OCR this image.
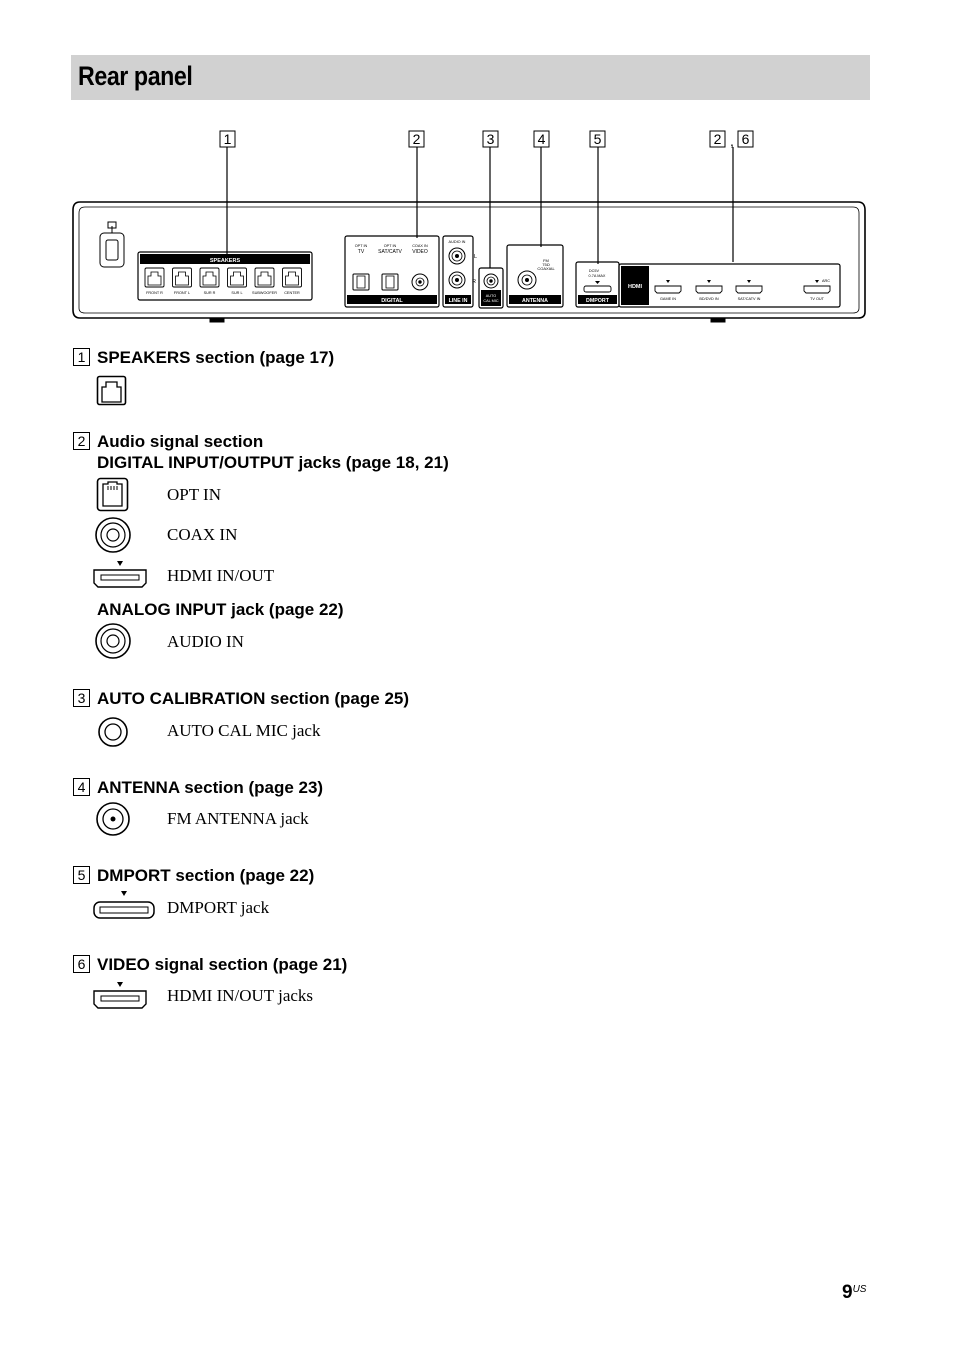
Rear panel
1	2	3	4	5	2 , 6
SPEAKERS
FRONT R	FRONT L	SUR R	SUR L SUBWOOFER CENTER
DIGITAL
OPT IN
TV
OPT IN
SAT/CATV
COAX IN
VIDEO
LINE IN
AUDIO IN
L
R
AUTO
CAL MIC	ANTENNA
FM
75Ω
COAXIAL
DMPORT
DC5V
0.7A MAX
HDMI
GAME IN	BD/DVD IN	SAT/CATV IN	TV OUT
ARC
1 SPEAKERS section (page 17)
2 Audio signal section
DIGITAL INPUT/OUTPUT jacks (page 18, 21)
OPT IN
COAX IN
HDMI IN/OUT
ANALOG INPUT jack (page 22)
AUDIO IN
3 AUTO CALIBRATION section (page 25)
AUTO CAL MIC jack
4 ANTENNA section (page 23)
FM ANTENNA jack
5 DMPORT section (page 22)
DMPORT jack
6 VIDEO signal section (page 21)
HDMI IN/OUT jacks
$9^{US}$
